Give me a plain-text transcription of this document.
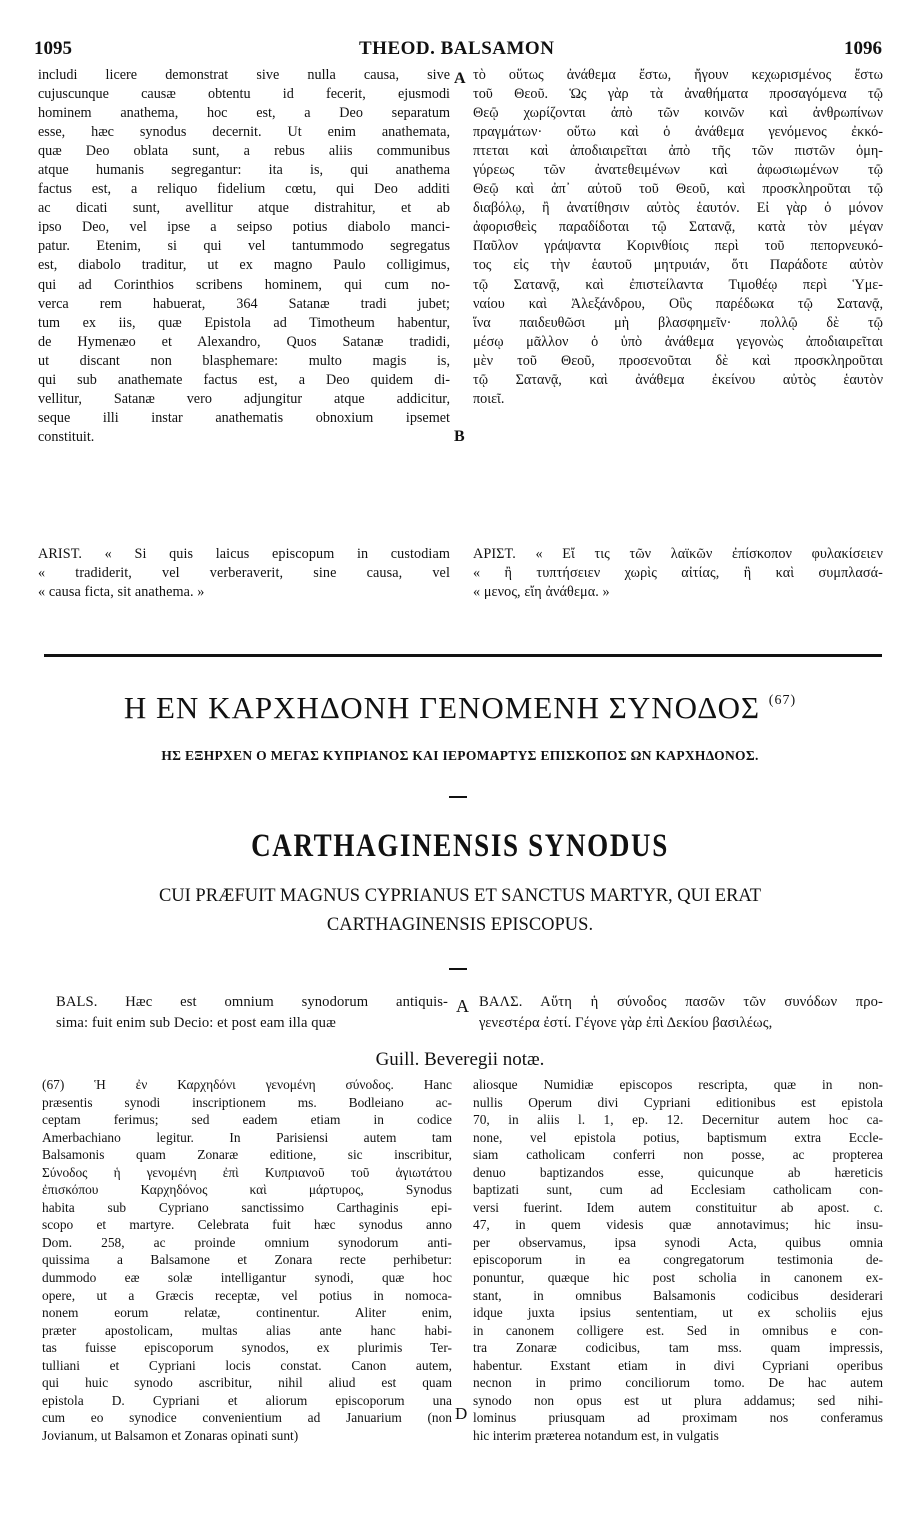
1095	THEOD. BALSAMON	1096
includi licere demonstrat sive nulla causa, sive
cujuscunque causæ obtentu id fecerit, ejusmodi
hominem anathema, hoc est, a Deo separatum
esse, hæc synodus decernit. Ut enim anathemata,
quæ Deo oblata sunt, a rebus aliis communibus
atque humanis segregantur: ita is, qui anathema
factus est, a reliquo fidelium cœtu, qui Deo additi
ac dicati sunt, avellitur atque distrahitur, et ab
ipso Deo, vel ipse a seipso potius diabolo manci-
patur. Etenim, si qui vel tantummodo segregatus
est, diabolo traditur, ut ex magno Paulo colligimus,
qui ad Corinthios scribens hominem, qui cum no-
verca rem habuerat, 364 Satanæ tradi jubet;
tum ex iis, quæ Epistola ad Timotheum habentur,
de Hymenæo et Alexandro, Quos Satanæ tradidi,
ut discant non blasphemare: multo magis is,
qui sub anathemate factus est, a Deo quidem di-
vellitur, Satanæ vero adjungitur atque addicitur,
seque illi instar anathematis obnoxium ipsemet
constituit.
τὸ οὕτως ἀνάθεμα ἔστω, ἤγουν κεχωρισμένος ἔστω
τοῦ Θεοῦ. Ὡς γὰρ τὰ ἀναθήματα προσαγόμενα τῷ
Θεῷ χωρίζονται ἀπὸ τῶν κοινῶν καὶ ἀνθρωπίνων
πραγμάτων· οὕτω καὶ ὁ ἀνάθεμα γενόμενος ἐκκό-
πτεται καὶ ἀποδιαιρεῖται ἀπὸ τῆς τῶν πιστῶν ὁμη-
γύρεως τῶν ἀνατεθειμένων καὶ ἀφωσιωμένων τῷ
Θεῷ καὶ ἀπ᾿ αὐτοῦ τοῦ Θεοῦ, καὶ προσκληροῦται τῷ
διαβόλῳ, ἢ ἀνατίθησιν αὐτὸς ἑαυτόν. Εἰ γὰρ ὁ μόνον
ἀφορισθεὶς παραδίδοται τῷ Σατανᾷ, κατὰ τὸν μέγαν
Παῦλον γράψαντα Κορινθίοις περὶ τοῦ πεπορνευκό-
τος εἰς τὴν ἑαυτοῦ μητρυιάν, ὅτι Παράδοτε αὐτὸν
τῷ Σατανᾷ, καὶ ἐπιστείλαντα Τιμοθέῳ περὶ Ὑμε-
ναίου καὶ Ἀλεξάνδρου, Οὓς παρέδωκα τῷ Σατανᾷ,
ἵνα παιδευθῶσι μὴ βλασφημεῖν· πολλῷ δὲ τῷ
μέσῳ μᾶλλον ὁ ὑπὸ ἀνάθεμα γεγονὼς ἀποδιαιρεῖται
μὲν τοῦ Θεοῦ, προσενοῦται δὲ καὶ προσκληροῦται
τῷ Σατανᾷ, καὶ ἀνάθεμα ἐκείνου αὐτὸς ἑαυτὸν
ποιεῖ.
A
B
ARIST. « Si quis laicus episcopum in custodiam
« tradiderit, vel verberaverit, sine causa, vel
« causa ficta, sit anathema. »
ΑΡΙΣΤ. « Εἴ τις τῶν λαϊκῶν ἐπίσκοπον φυλακίσειεν
« ἢ τυπτήσειεν χωρὶς αἰτίας, ἢ καὶ συμπλασά-
« μενος, εἴη ἀνάθεμα. »
Η ΕΝ ΚΑΡΧΗΔΟΝΗ ΓΕΝΟΜΕΝΗ ΣΥΝΟΔΟΣ $^{(67)}$
ΗΣ ΕΞΗΡΧΕΝ Ο ΜΕΓΑΣ ΚΥΠΡΙΑΝΟΣ ΚΑΙ ΙΕΡΟΜΑΡΤΥΣ ΕΠΙΣΚΟΠΟΣ ΩΝ ΚΑΡΧΗΔΟΝΟΣ.
CARTHAGINENSIS SYNODUS
CUI PRÆFUIT MAGNUS CYPRIANUS ET SANCTUS MARTYR, QUI ERAT
CARTHAGINENSIS EPISCOPUS.
BALS. Hæc est omnium synodorum antiquis-
sima: fuit enim sub Decio: et post eam illa quæ
ΒΑΛΣ. Αὕτη ἡ σύνοδος πασῶν τῶν συνόδων προ-
γενεστέρα ἐστί. Γέγονε γὰρ ἐπὶ Δεκίου βασιλέως,
A
Guill. Beveregii notæ.
(67) Ἡ ἐν Καρχηδόνι γενομένη σύνοδος. Hanc
præsentis synodi inscriptionem ms. Bodleiano ac-
ceptam ferimus; sed eadem etiam in codice
Amerbachiano legitur. In Parisiensi autem tam
Balsamonis quam Zonaræ editione, sic inscribitur,
Σύνοδος ἡ γενομένη ἐπὶ Κυπριανοῦ τοῦ ἁγιωτάτου
ἐπισκόπου Καρχηδόνος καὶ μάρτυρος, Synodus
habita sub Cypriano sanctissimo Carthaginis epi-
scopo et martyre. Celebrata fuit hæc synodus anno
Dom. 258, ac proinde omnium synodorum anti-
quissima a Balsamone et Zonara recte perhibetur:
dummodo eæ solæ intelligantur synodi, quæ hoc
opere, ut a Græcis receptæ, vel potius in nomoca-
nonem eorum relatæ, continentur. Aliter enim,
præter apostolicam, multas alias ante hanc habi-
tas fuisse episcoporum synodos, ex plurimis Ter-
tulliani et Cypriani locis constat. Canon autem,
qui huic synodo ascribitur, nihil aliud est quam
epistola D. Cypriani et aliorum episcoporum una
cum eo synodice convenientium ad Januarium (non
Jovianum, ut Balsamon et Zonaras opinati sunt)
aliosque Numidiæ episcopos rescripta, quæ in non-
nullis Operum divi Cypriani editionibus est epistola
70, in aliis l. 1, ep. 12. Decernitur autem hoc ca-
none, vel epistola potius, baptismum extra Eccle-
siam catholicam conferri non posse, ac propterea
denuo baptizandos esse, quicunque ab hæreticis
baptizati sunt, cum ad Ecclesiam catholicam con-
versi fuerint. Idem autem constituitur ab apost. c.
47, in quem videsis quæ annotavimus; hic insu-
per observamus, ipsa synodi Acta, quibus omnia
episcoporum in ea congregatorum testimonia de-
ponuntur, quæque hic post scholia in canonem ex-
stant, in omnibus Balsamonis codicibus desiderari
idque juxta ipsius sententiam, ut ex scholiis ejus
in canonem colligere est. Sed in omnibus e con-
tra Zonaræ codicibus, tam mss. quam impressis,
habentur. Exstant etiam in divi Cypriani operibus
necnon in primo conciliorum tomo. De hac autem
synodo non opus est ut plura addamus; sed nihi-
lominus priusquam ad proximam nos conferamus
hic interim præterea notandum est, in vulgatis
D
